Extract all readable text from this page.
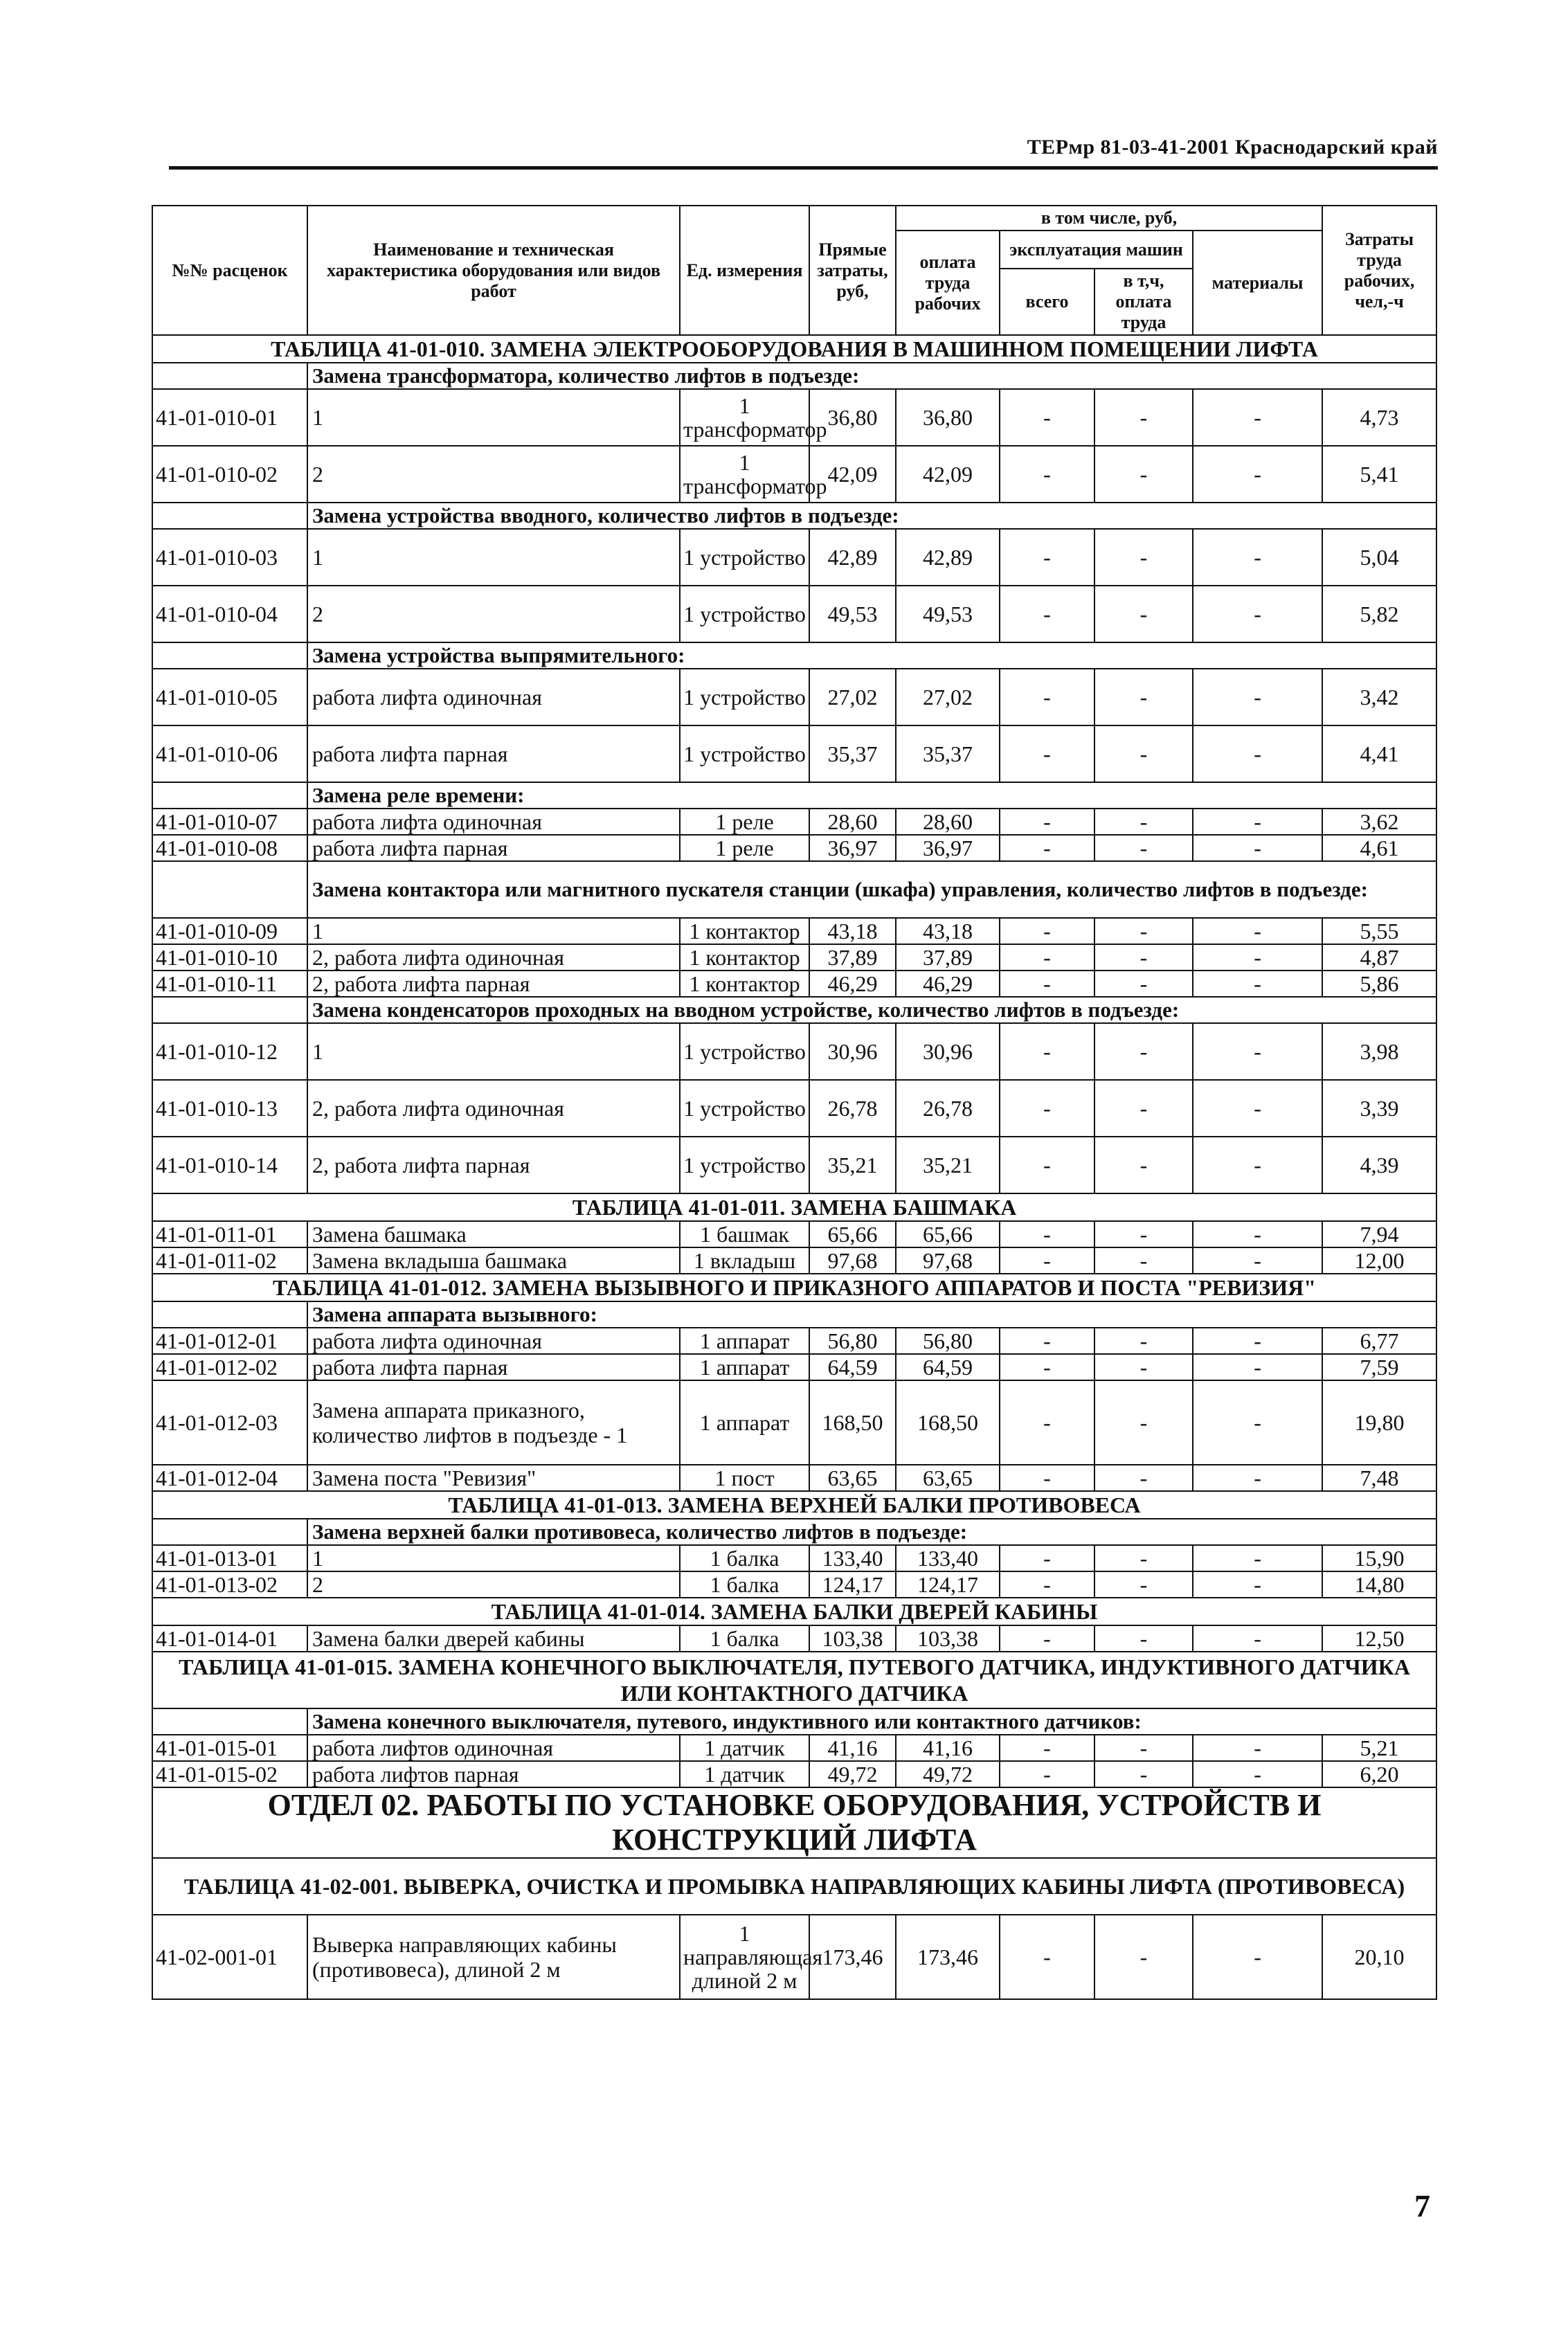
ТЕРмр 81-03-41-2001 Краснодарский край
№№ расценок	Наименование и техническая характеристика оборудования или видов работ	Ед. измерения	Прямые затраты, руб,	в том числе, руб,				Затраты труда рабочих, чел,-ч
				оплата труда рабочих	эксплуатация машин		материалы	
					всего	в т,ч, оплата труда		
ТАБЛИЦА 41-01-010. ЗАМЕНА ЭЛЕКТРООБОРУДОВАНИЯ В МАШИННОМ ПОМЕЩЕНИИ ЛИФТА								
	Замена трансформатора, количество лифтов в подъезде:							
41-01-010-01	1	1 трансформатор	36,80	36,80	-	-	-	4,73
41-01-010-02	2	1 трансформатор	42,09	42,09	-	-	-	5,41
	Замена устройства вводного, количество лифтов в подъезде:							
41-01-010-03	1	1 устройство	42,89	42,89	-	-	-	5,04
41-01-010-04	2	1 устройство	49,53	49,53	-	-	-	5,82
	Замена устройства выпрямительного:							
41-01-010-05	работа лифта одиночная	1 устройство	27,02	27,02	-	-	-	3,42
41-01-010-06	работа лифта парная	1 устройство	35,37	35,37	-	-	-	4,41
	Замена реле времени:							
41-01-010-07	работа лифта одиночная	1 реле	28,60	28,60	-	-	-	3,62
41-01-010-08	работа лифта парная	1 реле	36,97	36,97	-	-	-	4,61
	Замена контактора или магнитного пускателя станции (шкафа) управления, количество лифтов в подъезде:							
41-01-010-09	1	1 контактор	43,18	43,18	-	-	-	5,55
41-01-010-10	2, работа лифта одиночная	1 контактор	37,89	37,89	-	-	-	4,87
41-01-010-11	2, работа лифта парная	1 контактор	46,29	46,29	-	-	-	5,86
	Замена конденсаторов проходных на вводном устройстве, количество лифтов в подъезде:							
41-01-010-12	1	1 устройство	30,96	30,96	-	-	-	3,98
41-01-010-13	2, работа лифта одиночная	1 устройство	26,78	26,78	-	-	-	3,39
41-01-010-14	2, работа лифта парная	1 устройство	35,21	35,21	-	-	-	4,39
ТАБЛИЦА 41-01-011. ЗАМЕНА БАШМАКА								
41-01-011-01	Замена башмака	1 башмак	65,66	65,66	-	-	-	7,94
41-01-011-02	Замена вкладыша башмака	1 вкладыш	97,68	97,68	-	-	-	12,00
ТАБЛИЦА 41-01-012. ЗАМЕНА ВЫЗЫВНОГО И ПРИКАЗНОГО АППАРАТОВ И ПОСТА "РЕВИЗИЯ"								
	Замена аппарата вызывного:							
41-01-012-01	работа лифта одиночная	1 аппарат	56,80	56,80	-	-	-	6,77
41-01-012-02	работа лифта парная	1 аппарат	64,59	64,59	-	-	-	7,59
41-01-012-03	Замена аппарата приказного, количество лифтов в подъезде - 1	1 аппарат	168,50	168,50	-	-	-	19,80
41-01-012-04	Замена поста "Ревизия"	1 пост	63,65	63,65	-	-	-	7,48
ТАБЛИЦА 41-01-013. ЗАМЕНА ВЕРХНЕЙ БАЛКИ ПРОТИВОВЕСА								
	Замена верхней балки противовеса, количество лифтов в подъезде:							
41-01-013-01	1	1 балка	133,40	133,40	-	-	-	15,90
41-01-013-02	2	1 балка	124,17	124,17	-	-	-	14,80
ТАБЛИЦА 41-01-014. ЗАМЕНА БАЛКИ ДВЕРЕЙ КАБИНЫ								
41-01-014-01	Замена балки дверей кабины	1 балка	103,38	103,38	-	-	-	12,50
ТАБЛИЦА 41-01-015. ЗАМЕНА КОНЕЧНОГО ВЫКЛЮЧАТЕЛЯ, ПУТЕВОГО ДАТЧИКА, ИНДУКТИВНОГО ДАТЧИКА ИЛИ КОНТАКТНОГО ДАТЧИКА								
	Замена конечного выключателя, путевого, индуктивного или контактного датчиков:							
41-01-015-01	работа лифтов одиночная	1 датчик	41,16	41,16	-	-	-	5,21
41-01-015-02	работа лифтов парная	1 датчик	49,72	49,72	-	-	-	6,20
ОТДЕЛ 02. РАБОТЫ ПО УСТАНОВКЕ ОБОРУДОВАНИЯ, УСТРОЙСТВ И КОНСТРУКЦИЙ ЛИФТА								
ТАБЛИЦА 41-02-001. ВЫВЕРКА, ОЧИСТКА И ПРОМЫВКА НАПРАВЛЯЮЩИХ КАБИНЫ ЛИФТА (ПРОТИВОВЕСА)								
41-02-001-01	Выверка направляющих кабины (противовеса), длиной 2 м	1 направляющая длиной 2 м	173,46	173,46	-	-	-	20,10
7
